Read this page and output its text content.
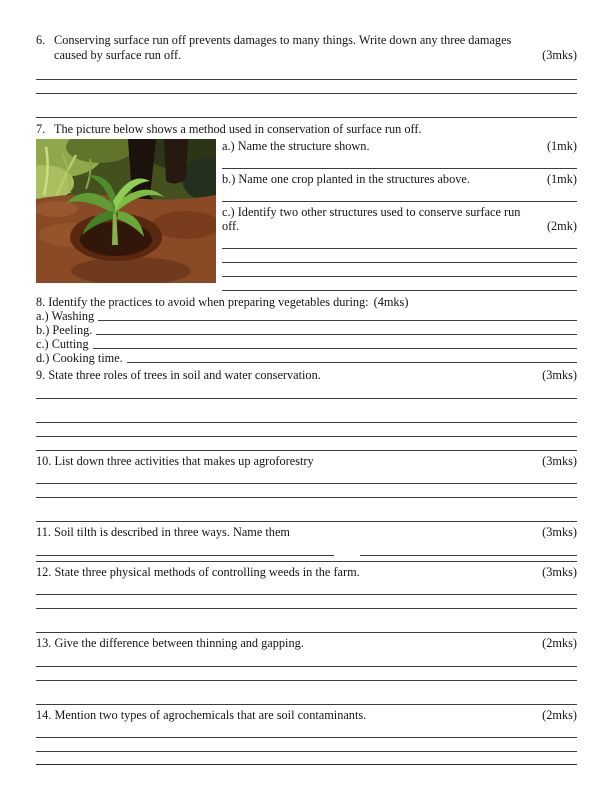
6. Conserving surface run off prevents damages to many things. Write down any three damages caused by surface run off.	(3mks)
7. The picture below shows a method used in conservation of surface run off.
a.) Name the structure shown.	(1mk)
b.) Name one crop planted in the structures above.	(1mk)
c.) Identify two other structures used to conserve surface run off.	(2mk)
8. Identify the practices to avoid when preparing vegetables during: (4mks)
a.) Washing
b.) Peeling.
c.) Cutting
d.) Cooking time.
9. State three roles of trees in soil and water conservation.	(3mks)
10. List down three activities that makes up agroforestry	(3mks)
11. Soil tilth is described in three ways. Name them	(3mks)
12. State three physical methods of controlling weeds in the farm.	(3mks)
13. Give the difference between thinning and gapping.	(2mks)
14. Mention two types of agrochemicals that are soil contaminants.	(2mks)
